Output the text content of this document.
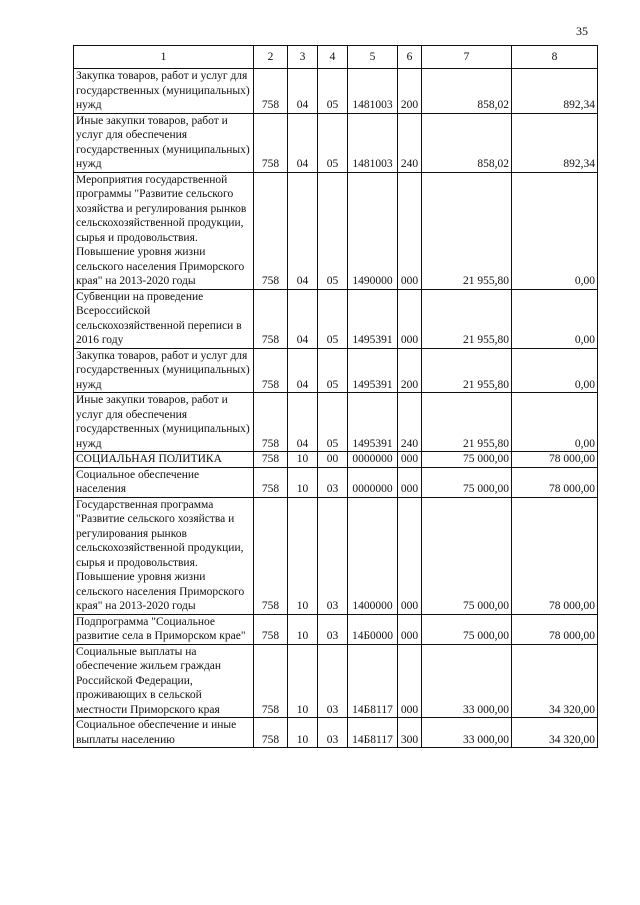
35
1	2	3	4	5	6	7	8
Закупка товаров, работ и услуг для государственных (муниципальных) нужд	758	04	05	1481003	200	858,02	892,34
Иные закупки товаров, работ и услуг для обеспечения государственных (муниципальных) нужд	758	04	05	1481003	240	858,02	892,34
Мероприятия государственной программы "Развитие сельского хозяйства и регулирования рынков сельскохозяйственной продукции, сырья и продовольствия. Повышение уровня жизни сельского населения Приморского края" на 2013-2020 годы	758	04	05	1490000	000	21 955,80	0,00
Субвенции на проведение Всероссийской сельскохозяйственной переписи в 2016 году	758	04	05	1495391	000	21 955,80	0,00
Закупка товаров, работ и услуг для государственных (муниципальных) нужд	758	04	05	1495391	200	21 955,80	0,00
Иные закупки товаров, работ и услуг для обеспечения государственных (муниципальных) нужд	758	04	05	1495391	240	21 955,80	0,00
СОЦИАЛЬНАЯ ПОЛИТИКА	758	10	00	0000000	000	75 000,00	78 000,00
Социальное обеспечение населения	758	10	03	0000000	000	75 000,00	78 000,00
Государственная программа "Развитие сельского хозяйства и регулирования рынков сельскохозяйственной продукции, сырья и продовольствия. Повышение уровня жизни сельского населения Приморского края" на 2013-2020 годы	758	10	03	1400000	000	75 000,00	78 000,00
Подпрограмма "Социальное развитие села в Приморском крае"	758	10	03	14Б0000	000	75 000,00	78 000,00
Социальные выплаты на обеспечение жильем граждан Российской Федерации, проживающих в сельской местности Приморского края	758	10	03	14Б8117	000	33 000,00	34 320,00
Социальное обеспечение и иные выплаты населению	758	10	03	14Б8117	300	33 000,00	34 320,00
